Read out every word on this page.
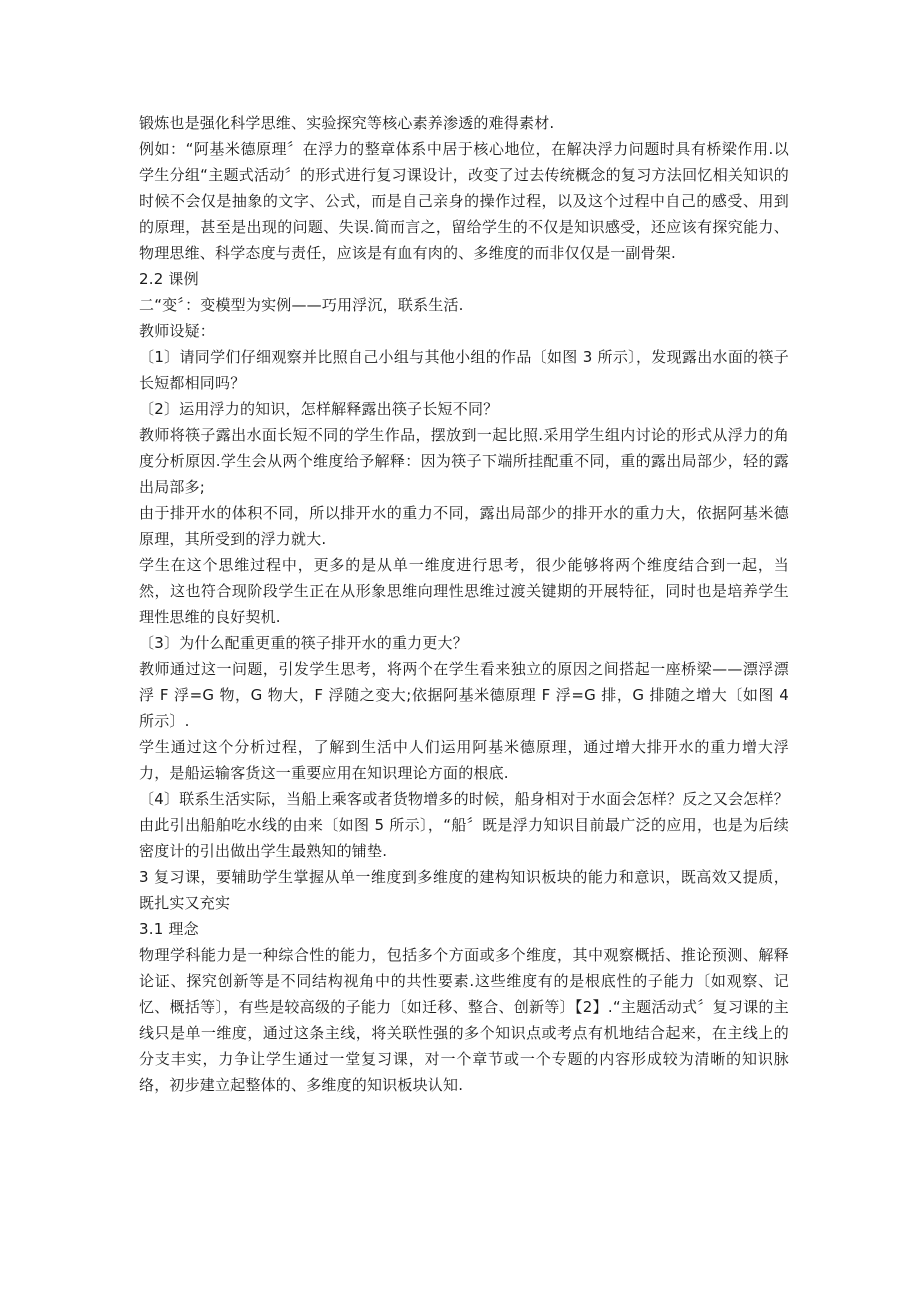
锻炼也是强化科学思维、实验探究等核心素养渗透的难得素材.

例如：“阿基米德原理〞在浮力的整章体系中居于核心地位，在解决浮力问题时具有桥梁作用.以学生分组“主题式活动〞的形式进行复习课设计，改变了过去传统概念的复习方法回忆相关知识的时候不会仅是抽象的文字、公式，而是自己亲身的操作过程，以及这个过程中自己的感受、用到的原理，甚至是出现的问题、失误.简而言之，留给学生的不仅是知识感受，还应该有探究能力、物理思维、科学态度与责任，应该是有血有肉的、多维度的而非仅仅是一副骨架.

2.2 课例

二“变〞：变模型为实例——巧用浮沉，联系生活.

教师设疑：

〔1〕请同学们仔细观察并比照自己小组与其他小组的作品〔如图 3 所示〕，发现露出水面的筷子长短都相同吗？

〔2〕运用浮力的知识，怎样解释露出筷子长短不同？

教师将筷子露出水面长短不同的学生作品，摆放到一起比照.采用学生组内讨论的形式从浮力的角度分析原因.学生会从两个维度给予解释：因为筷子下端所挂配重不同，重的露出局部少，轻的露出局部多;

由于排开水的体积不同，所以排开水的重力不同，露出局部少的排开水的重力大，依据阿基米德原理，其所受到的浮力就大.

学生在这个思维过程中，更多的是从单一维度进行思考，很少能够将两个维度结合到一起，当然，这也符合现阶段学生正在从形象思维向理性思维过渡关键期的开展特征，同时也是培养学生理性思维的良好契机.

〔3〕为什么配重更重的筷子排开水的重力更大？

教师通过这一问题，引发学生思考，将两个在学生看来独立的原因之间搭起一座桥梁——漂浮漂浮 F 浮=G 物，G 物大，F 浮随之变大;依据阿基米德原理 F 浮=G 排，G 排随之增大〔如图 4 所示〕.

学生通过这个分析过程，了解到生活中人们运用阿基米德原理，通过增大排开水的重力增大浮力，是船运输客货这一重要应用在知识理论方面的根底.

〔4〕联系生活实际，当船上乘客或者货物增多的时候，船身相对于水面会怎样？反之又会怎样？由此引出船舶吃水线的由来〔如图 5 所示〕，“船〞既是浮力知识目前最广泛的应用，也是为后续密度计的引出做出学生最熟知的铺垫.

3 复习课，要辅助学生掌握从单一维度到多维度的建构知识板块的能力和意识，既高效又提质，既扎实又充实

3.1 理念

物理学科能力是一种综合性的能力，包括多个方面或多个维度，其中观察概括、推论预测、解释论证、探究创新等是不同结构视角中的共性要素.这些维度有的是根底性的子能力〔如观察、记忆、概括等〕，有些是较高级的子能力〔如迁移、整合、创新等〕【2】.“主题活动式〞复习课的主线只是单一维度，通过这条主线，将关联性强的多个知识点或考点有机地结合起来，在主线上的分支丰实，力争让学生通过一堂复习课，对一个章节或一个专题的内容形成较为清晰的知识脉络，初步建立起整体的、多维度的知识板块认知.
